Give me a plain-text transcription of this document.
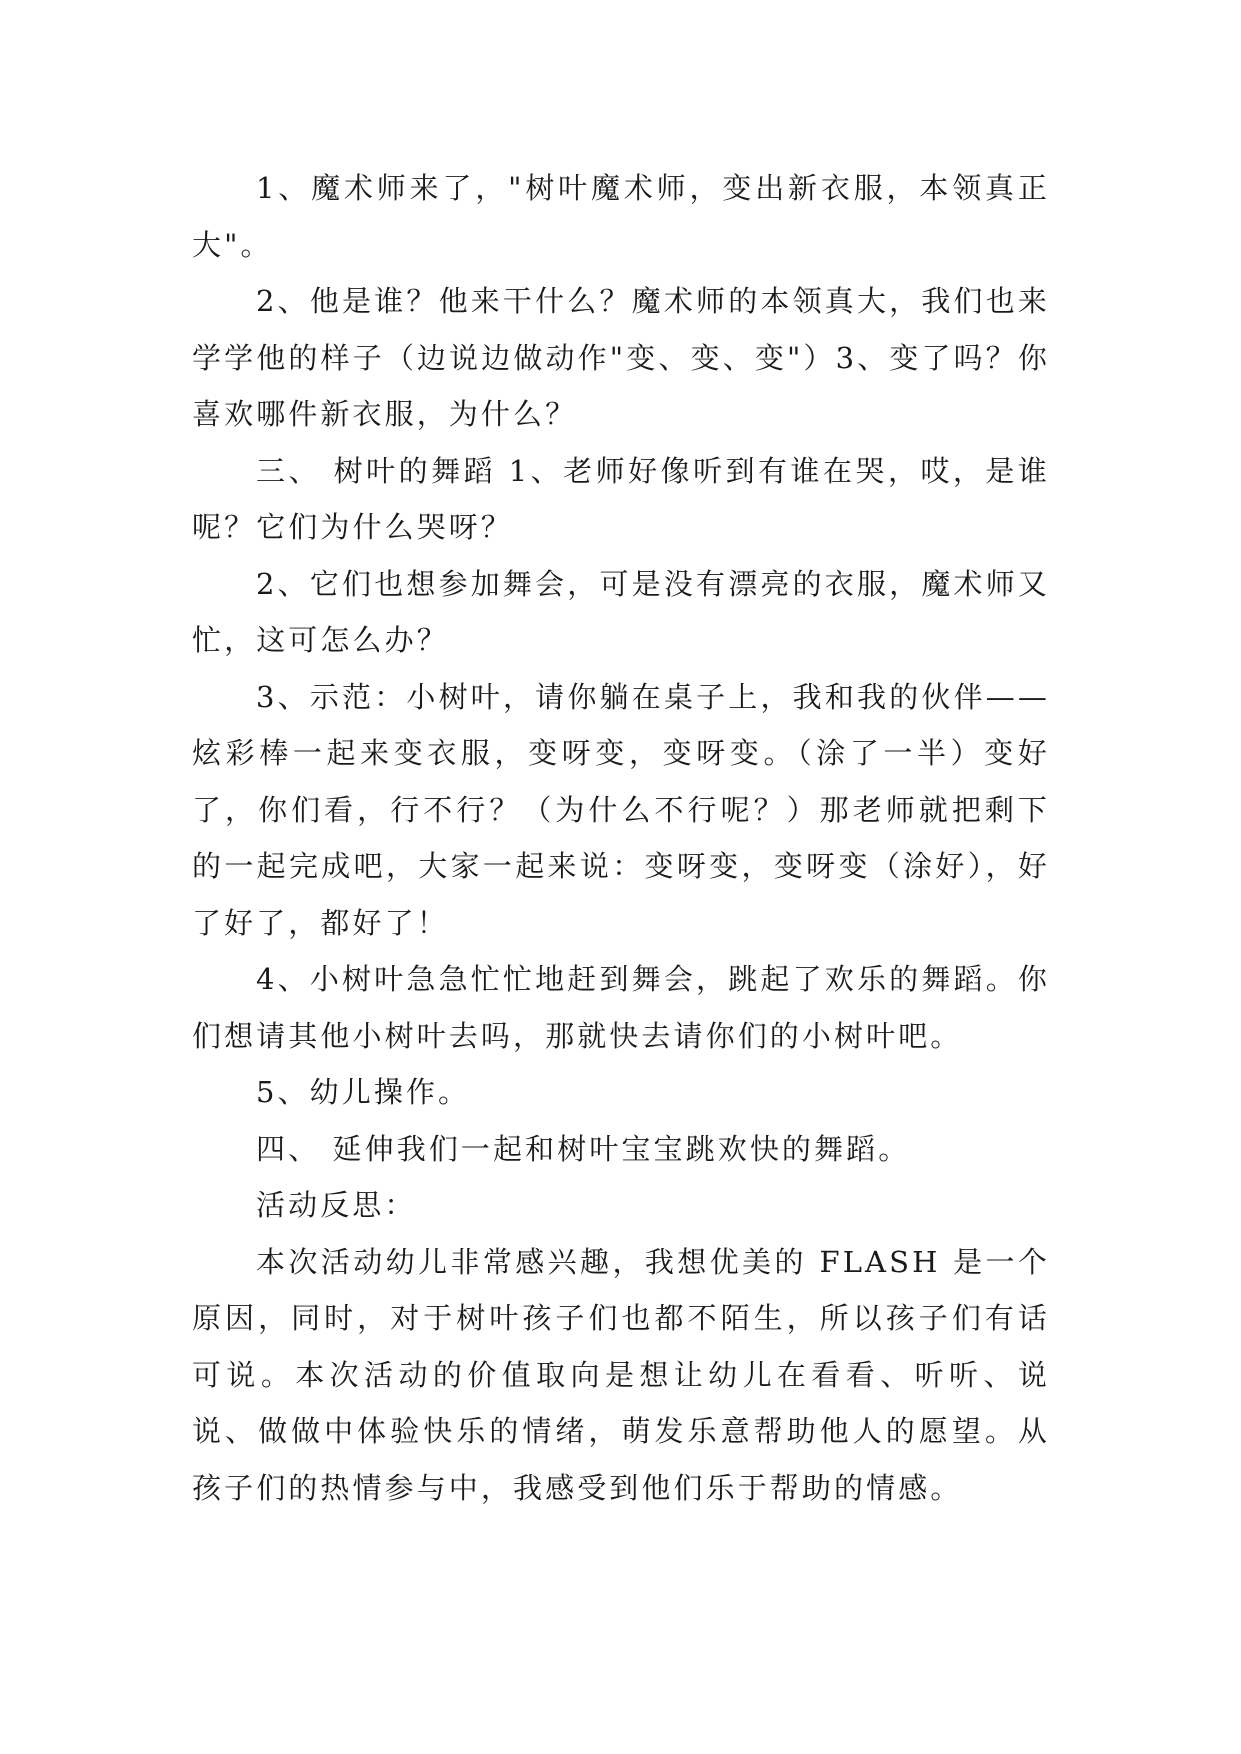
1、魔术师来了，"树叶魔术师，变出新衣服，本领真正大"。

2、他是谁？他来干什么？魔术师的本领真大，我们也来学学他的样子（边说边做动作"变、变、变"）3、变了吗？你喜欢哪件新衣服，为什么？

三、 树叶的舞蹈 1、老师好像听到有谁在哭，哎，是谁呢？它们为什么哭呀？

2、它们也想参加舞会，可是没有漂亮的衣服，魔术师又忙，这可怎么办？

3、示范：小树叶，请你躺在桌子上，我和我的伙伴——炫彩棒一起来变衣服，变呀变，变呀变。（涂了一半）变好了，你们看，行不行？（为什么不行呢？）那老师就把剩下的一起完成吧，大家一起来说：变呀变，变呀变（涂好），好了好了，都好了！

4、小树叶急急忙忙地赶到舞会，跳起了欢乐的舞蹈。你们想请其他小树叶去吗，那就快去请你们的小树叶吧。

5、幼儿操作。

四、 延伸我们一起和树叶宝宝跳欢快的舞蹈。

活动反思：

本次活动幼儿非常感兴趣，我想优美的 FLASH 是一个原因，同时，对于树叶孩子们也都不陌生，所以孩子们有话可说。本次活动的价值取向是想让幼儿在看看、听听、说说、做做中体验快乐的情绪，萌发乐意帮助他人的愿望。从孩子们的热情参与中，我感受到他们乐于帮助的情感。
